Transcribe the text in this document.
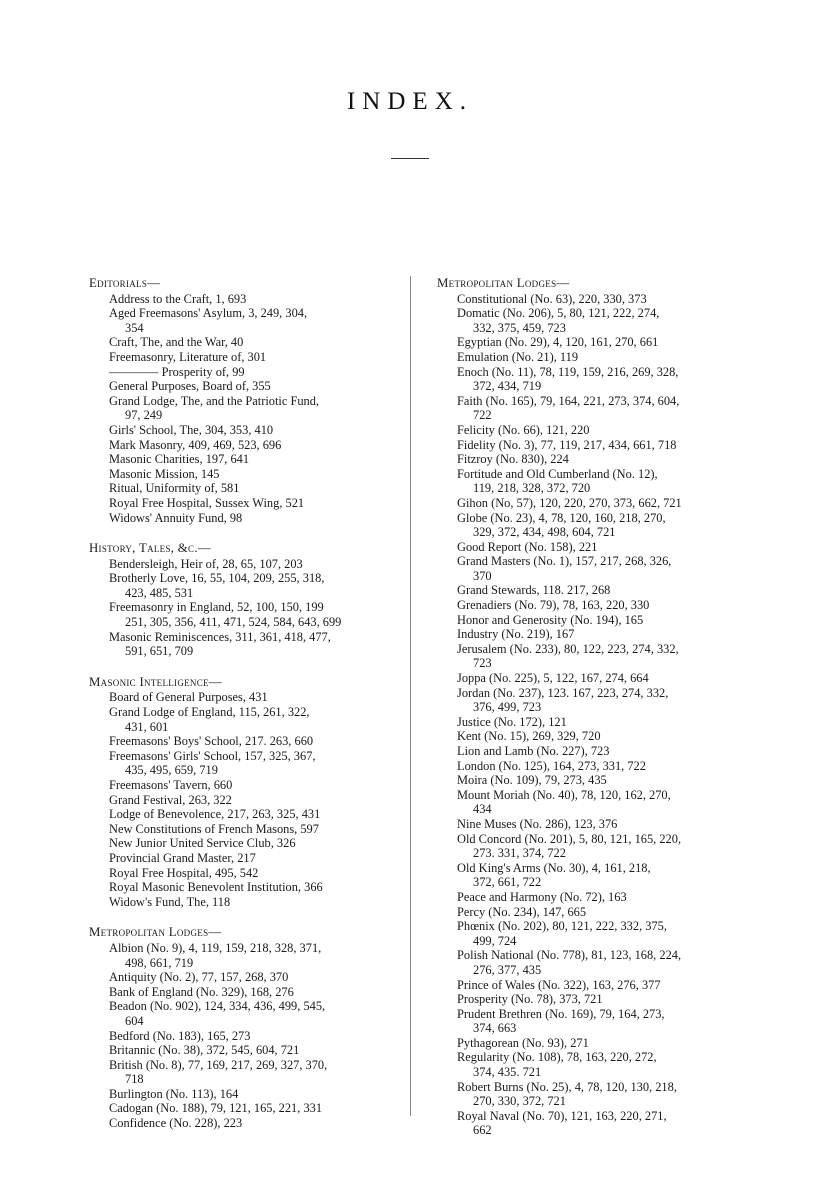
INDEX.
Editorials—
Address to the Craft, 1, 693
Aged Freemasons' Asylum, 3, 249, 304,
354
Craft, The, and the War, 40
Freemasonry, Literature of, 301
———— Prosperity of, 99
General Purposes, Board of, 355
Grand Lodge, The, and the Patriotic Fund,
97, 249
Girls' School, The, 304, 353, 410
Mark Masonry, 409, 469, 523, 696
Masonic Charities, 197, 641
Masonic Mission, 145
Ritual, Uniformity of, 581
Royal Free Hospital, Sussex Wing, 521
Widows' Annuity Fund, 98
History, Tales, &c.—
Bendersleigh, Heir of, 28, 65, 107, 203
Brotherly Love, 16, 55, 104, 209, 255, 318,
423, 485, 531
Freemasonry in England, 52, 100, 150, 199
251, 305, 356, 411, 471, 524, 584, 643, 699
Masonic Reminiscences, 311, 361, 418, 477,
591, 651, 709
Masonic Intelligence—
Board of General Purposes, 431
Grand Lodge of England, 115, 261, 322,
431, 601
Freemasons' Boys' School, 217. 263, 660
Freemasons' Girls' School, 157, 325, 367,
435, 495, 659, 719
Freemasons' Tavern, 660
Grand Festival, 263, 322
Lodge of Benevolence, 217, 263, 325, 431
New Constitutions of French Masons, 597
New Junior United Service Club, 326
Provincial Grand Master, 217
Royal Free Hospital, 495, 542
Royal Masonic Benevolent Institution, 366
Widow's Fund, The, 118
Metropolitan Lodges—
Albion (No. 9), 4, 119, 159, 218, 328, 371,
498, 661, 719
Antiquity (No. 2), 77, 157, 268, 370
Bank of England (No. 329), 168, 276
Beadon (No. 902), 124, 334, 436, 499, 545,
604
Bedford (No. 183), 165, 273
Britannic (No. 38), 372, 545, 604, 721
British (No. 8), 77, 169, 217, 269, 327, 370,
718
Burlington (No. 113), 164
Cadogan (No. 188), 79, 121, 165, 221, 331
Confidence (No. 228), 223
Metropolitan Lodges—
Constitutional (No. 63), 220, 330, 373
Domatic (No. 206), 5, 80, 121, 222, 274,
332, 375, 459, 723
Egyptian (No. 29), 4, 120, 161, 270, 661
Emulation (No. 21), 119
Enoch (No. 11), 78, 119, 159, 216, 269, 328,
372, 434, 719
Faith (No. 165), 79, 164, 221, 273, 374, 604,
722
Felicity (No. 66), 121, 220
Fidelity (No. 3), 77, 119, 217, 434, 661, 718
Fitzroy (No. 830), 224
Fortitude and Old Cumberland (No. 12),
119, 218, 328, 372, 720
Gihon (No, 57), 120, 220, 270, 373, 662, 721
Globe (No. 23), 4, 78, 120, 160, 218, 270,
329, 372, 434, 498, 604, 721
Good Report (No. 158), 221
Grand Masters (No. 1), 157, 217, 268, 326,
370
Grand Stewards, 118. 217, 268
Grenadiers (No. 79), 78, 163, 220, 330
Honor and Generosity (No. 194), 165
Industry (No. 219), 167
Jerusalem (No. 233), 80, 122, 223, 274, 332,
723
Joppa (No. 225), 5, 122, 167, 274, 664
Jordan (No. 237), 123. 167, 223, 274, 332,
376, 499, 723
Justice (No. 172), 121
Kent (No. 15), 269, 329, 720
Lion and Lamb (No. 227), 723
London (No. 125), 164, 273, 331, 722
Moira (No. 109), 79, 273, 435
Mount Moriah (No. 40), 78, 120, 162, 270,
434
Nine Muses (No. 286), 123, 376
Old Concord (No. 201), 5, 80, 121, 165, 220,
273. 331, 374, 722
Old King's Arms (No. 30), 4, 161, 218,
372, 661, 722
Peace and Harmony (No. 72), 163
Percy (No. 234), 147, 665
Phœnix (No. 202), 80, 121, 222, 332, 375,
499, 724
Polish National (No. 778), 81, 123, 168, 224,
276, 377, 435
Prince of Wales (No. 322), 163, 276, 377
Prosperity (No. 78), 373, 721
Prudent Brethren (No. 169), 79, 164, 273,
374, 663
Pythagorean (No. 93), 271
Regularity (No. 108), 78, 163, 220, 272,
374, 435. 721
Robert Burns (No. 25), 4, 78, 120, 130, 218,
270, 330, 372, 721
Royal Naval (No. 70), 121, 163, 220, 271,
662
